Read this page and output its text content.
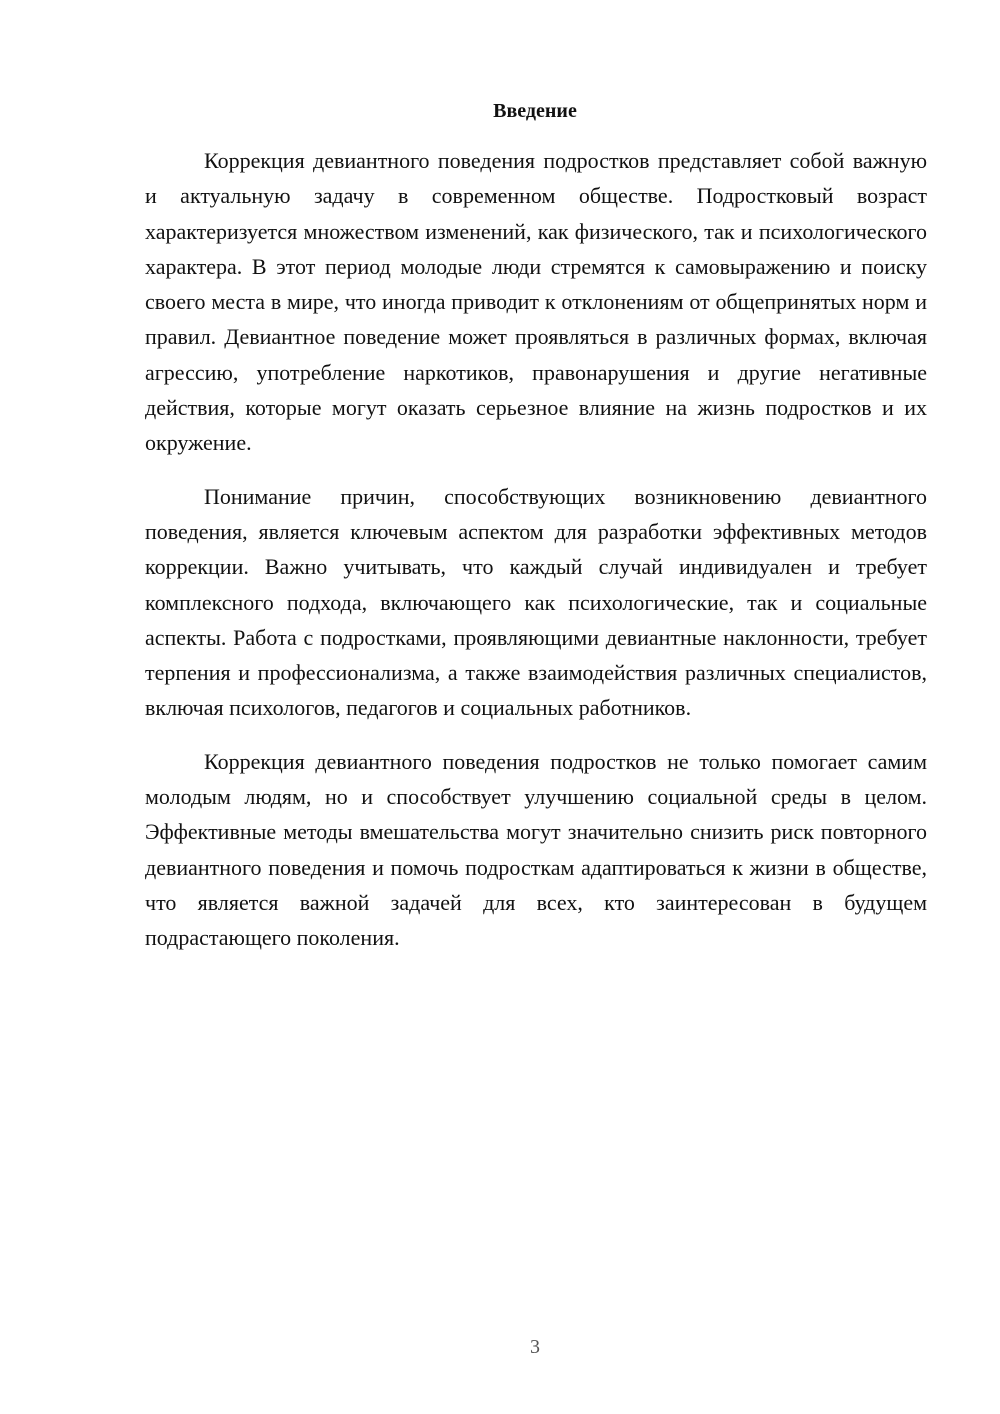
Введение

Коррекция девиантного поведения подростков представляет собой важную и актуальную задачу в современном обществе. Подростковый возраст характеризуется множеством изменений, как физического, так и психологического характера. В этот период молодые люди стремятся к самовыражению и поиску своего места в мире, что иногда приводит к отклонениям от общепринятых норм и правил. Девиантное поведение может проявляться в различных формах, включая агрессию, употребление наркотиков, правонарушения и другие негативные действия, которые могут оказать серьезное влияние на жизнь подростков и их окружение.

Понимание причин, способствующих возникновению девиантного поведения, является ключевым аспектом для разработки эффективных методов коррекции. Важно учитывать, что каждый случай индивидуален и требует комплексного подхода, включающего как психологические, так и социальные аспекты. Работа с подростками, проявляющими девиантные наклонности, требует терпения и профессионализма, а также взаимодействия различных специалистов, включая психологов, педагогов и социальных работников.

Коррекция девиантного поведения подростков не только помогает самим молодым людям, но и способствует улучшению социальной среды в целом. Эффективные методы вмешательства могут значительно снизить риск повторного девиантного поведения и помочь подросткам адаптироваться к жизни в обществе, что является важной задачей для всех, кто заинтересован в будущем подрастающего поколения.

3
